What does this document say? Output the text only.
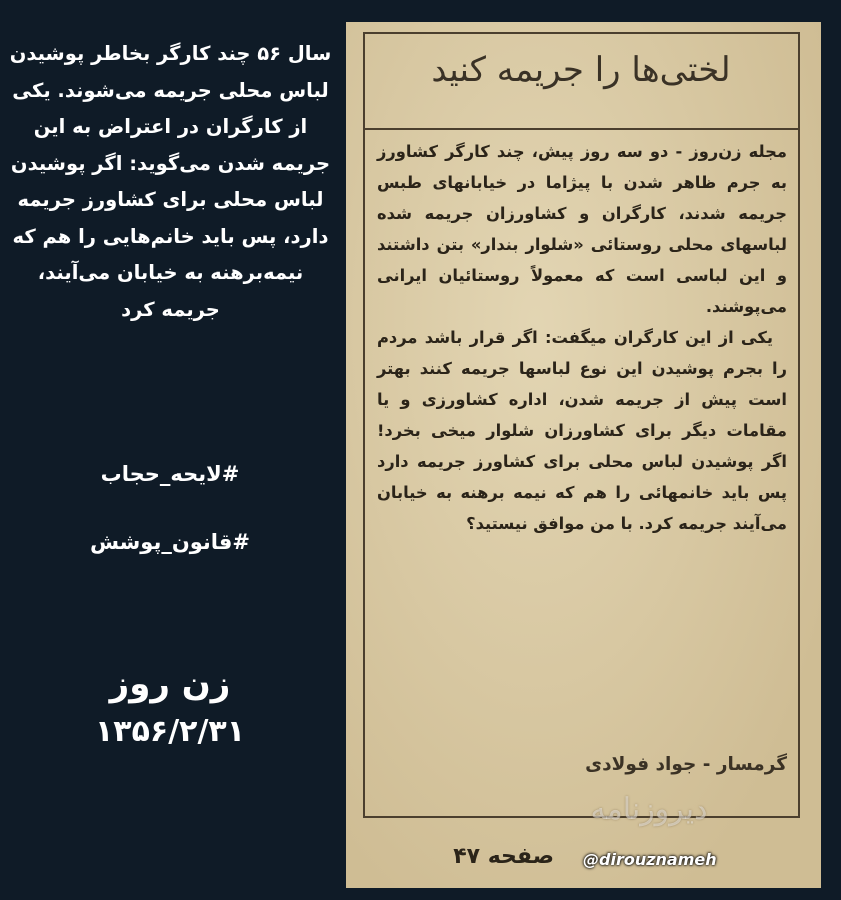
سال ۵۶ چند کارگر بخاطر پوشیدن لباس محلی جریمه می‌شوند. یکی از کارگران در اعتراض به این جریمه شدن می‌گوید: اگر پوشیدن لباس محلی برای کشاورز جریمه دارد، پس باید خانم‌هایی را هم که نیمه‌برهنه به خیابان می‌آیند، جریمه کرد
#لایحه_حجاب
#قانون_پوشش
زن روز
۱۳۵۶/۲/۳۱
لختی‌ها را جریمه کنید

مجله زن‌روز - دو سه روز پیش، چند کارگر کشاورز به جرم ظاهر شدن با پیژاما در خیابانهای طبس جریمه شدند، کارگران و کشاورزان جریمه شده لباسهای محلی روستائی «شلوار بندار» بتن داشتند و این لباسی است که معمولاً روستائیان ایرانی می‌پوشند.

یکی از این کارگران میگفت: اگر قرار باشد مردم را بجرم پوشیدن این نوع لباسها جریمه کنند بهتر است پیش از جریمه شدن، اداره کشاورزی و یا مقامات دیگر برای کشاورزان شلوار میخی بخرد! اگر پوشیدن لباس محلی برای کشاورز جریمه دارد پس باید خانمهائی را هم که نیمه برهنه به خیابان می‌آیند جریمه کرد. با من موافق نیستید؟

گرمسار - جواد فولادی
دیروزنامه
صفحه ۴۷ @dirouznameh
